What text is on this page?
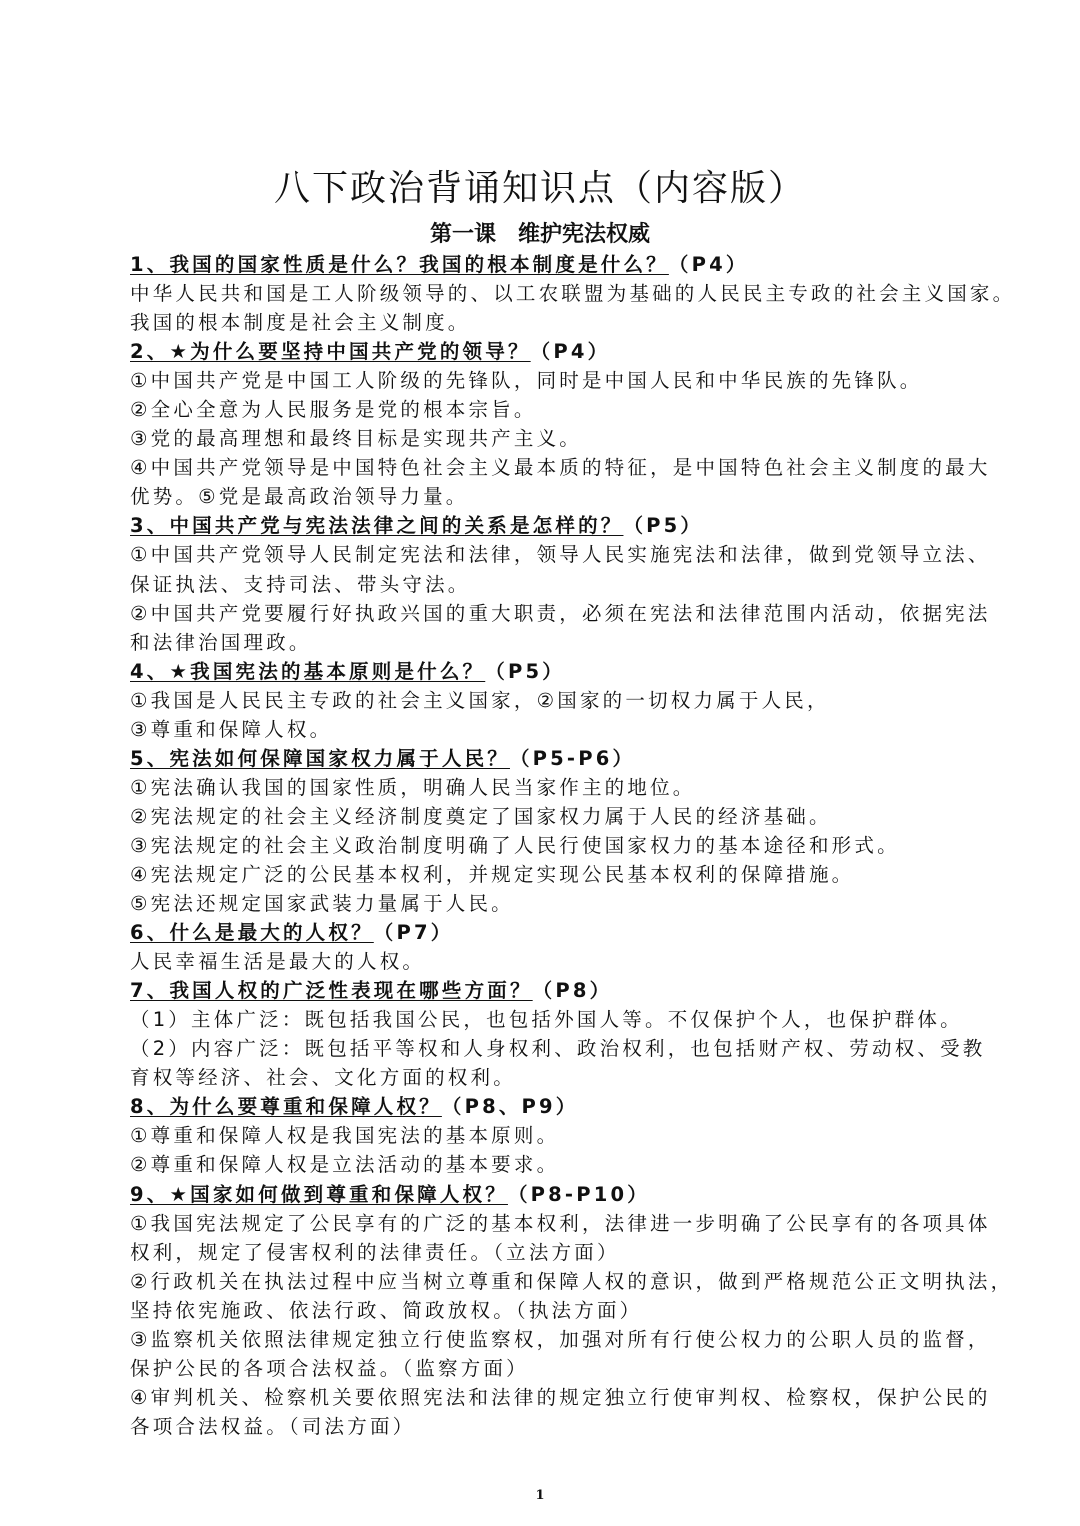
八下政治背诵知识点（内容版）
第一课　维护宪法权威
1、我国的国家性质是什么？我国的根本制度是什么？（P4）
中华人民共和国是工人阶级领导的、以工农联盟为基础的人民民主专政的社会主义国家。
我国的根本制度是社会主义制度。
2、★为什么要坚持中国共产党的领导？（P4）
①中国共产党是中国工人阶级的先锋队，同时是中国人民和中华民族的先锋队。
②全心全意为人民服务是党的根本宗旨。
③党的最高理想和最终目标是实现共产主义。
④中国共产党领导是中国特色社会主义最本质的特征，是中国特色社会主义制度的最大
优势。⑤党是最高政治领导力量。
3、中国共产党与宪法法律之间的关系是怎样的？（P5）
①中国共产党领导人民制定宪法和法律，领导人民实施宪法和法律，做到党领导立法、
保证执法、支持司法、带头守法。
②中国共产党要履行好执政兴国的重大职责，必须在宪法和法律范围内活动，依据宪法
和法律治国理政。
4、★我国宪法的基本原则是什么？（P5）
①我国是人民民主专政的社会主义国家，②国家的一切权力属于人民，
③尊重和保障人权。
5、宪法如何保障国家权力属于人民？（P5-P6）
①宪法确认我国的国家性质，明确人民当家作主的地位。
②宪法规定的社会主义经济制度奠定了国家权力属于人民的经济基础。
③宪法规定的社会主义政治制度明确了人民行使国家权力的基本途径和形式。
④宪法规定广泛的公民基本权利，并规定实现公民基本权利的保障措施。
⑤宪法还规定国家武装力量属于人民。
6、什么是最大的人权？（P7）
人民幸福生活是最大的人权。
7、我国人权的广泛性表现在哪些方面？（P8）
（1）主体广泛：既包括我国公民，也包括外国人等。不仅保护个人，也保护群体。
（2）内容广泛：既包括平等权和人身权利、政治权利，也包括财产权、劳动权、受教
育权等经济、社会、文化方面的权利。
8、为什么要尊重和保障人权？（P8、P9）
①尊重和保障人权是我国宪法的基本原则。
②尊重和保障人权是立法活动的基本要求。
9、★国家如何做到尊重和保障人权？（P8-P10）
①我国宪法规定了公民享有的广泛的基本权利，法律进一步明确了公民享有的各项具体
权利，规定了侵害权利的法律责任。（立法方面）
②行政机关在执法过程中应当树立尊重和保障人权的意识，做到严格规范公正文明执法，
坚持依宪施政、依法行政、简政放权。（执法方面）
③监察机关依照法律规定独立行使监察权，加强对所有行使公权力的公职人员的监督，
保护公民的各项合法权益。（监察方面）
④审判机关、检察机关要依照宪法和法律的规定独立行使审判权、检察权，保护公民的
各项合法权益。（司法方面）
1
